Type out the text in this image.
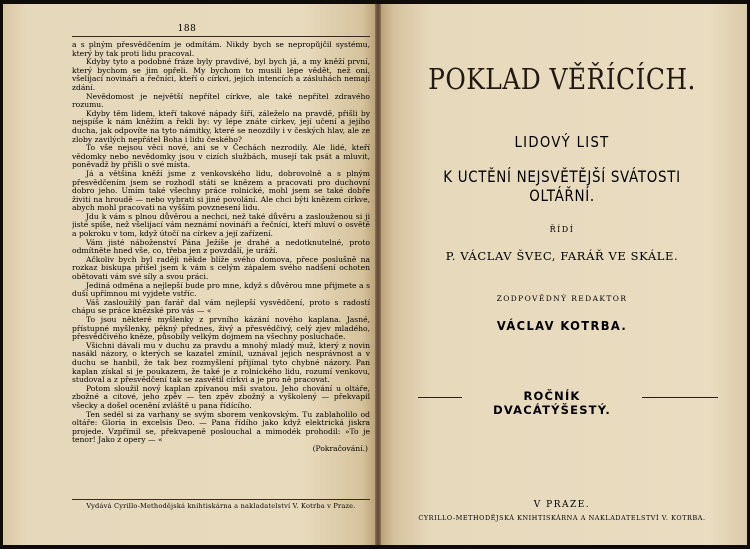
188

a s plným přesvědčením je odmítám. Nikdy bych se nepropůjčil systému, který by tak proti lidu pracoval.

Kdyby tyto a podobné fráze byly pravdivé, byl bych já, a my kněží první, který bychom se jim opřeli. My bychom to musili lépe vědět, než oni, všelijací novináři a řečníci, kteří o církvi, jejich intencích a zásluhách nemají zdání.

Nevědomost je největší nepřítel církve, ale také nepřítel zdravého rozumu.

Kdyby těm lidem, kteří takové nápady šíří, záleželo na pravdě, přišli by nejspíše k nám kněžím a řekli by: vy lépe znáte církev, její učení a jejího ducha, jak odpovíte na tyto námitky, které se neozdily i v českých hlav, ale ze zloby zavilých nepřátel Boha i lidu českého?

To vše nejsou věci nové, ani se v Čechách nezrodily. Ale lidé, kteří vědomky nebo nevědomky jsou v cizích službách, musejí tak psát a mluvit, poněvadž by přišli o své místa.

Já a většina kněží jsme z venkovského lidu, dobrovolně a s plným přesvědčením jsem se rozhodl státi se knězem a pracovati pro duchovní dobro jeho. Umím také všechny práce rolnické, mohl jsem se také dobře živiti na hroudě — nebo vybrati si jiné povolání. Ale chci býti knězem církve, abych mohl pracovati na vyšším povznesení lidu.

Jdu k vám s plnou důvěrou a nechci, než také důvěru a zaslouženou si ji jisté spíše, než všelijací vám neznámí novináři a řečníci, kteří mluví o osvětě a pokroku v tom, když útočí na církev a její zařízení.

Vám jisté náboženství Pána Ježíše je drahé a nedotknutelné, proto odmítněte hned vše, co, třeba jen z povzdálí, je uráží.

Ačkoliv bych byl raději někde blíže svého domova, přece poslušně na rozkaz biskupa přišel jsem k vám s celým zápalem svého nadšení ochoten obětovati vám své síly a svou práci.

Jediná odměna a nejlepší bude pro mne, když s důvěrou mne přijmete a s duší upřímnou mi vyjdete vstříc.

Váš zasloužilý pan farář dal vám nejlepší vysvědčení, proto s radostí chápu se práce knězské pro vás — «

To jsou některé myšlenky z prvního kázání nového kaplana. Jasné, přístupné myšlenky, pěkný přednes, živý a přesvědčivý, celý zjev mladého, přesvědčivého kněze, působily velkým dojmem na všechny posluchače.

Všichni dávali mu v duchu za pravdu a mnohý mladý muž, který z novin nasákl názory, o kterých se kazatel zmínil, uznával jejich nesprávnost a v duchu se hanbil, že tak bez rozmyšlení přijímal tyto chybné názory. Pan kaplan získal si je poukazem, že také je z rolnického lidu, rozumí venkovu, studoval a z přesvědčení tak se zasvětil církvi a je pro ně pracovat.

Potom sloužil nový kaplan zpívanou mši svatou. Jeho chování u oltáře, zbožné a citové, jeho zpěv — ten zpěv zbožný a vyškolený — překvapil všecky a došel ocenění zvláště u pana řídícího.

Ten sedél si za varhany se svým sborem venkovským. Tu zablaholilo od oltáře: Gloria in excelsis Deo. — Pana řídího jako když elektrická jiskra projede. Vzpřímil se, překvapeně poslouchal a mimodék prohodil: »To je tenor! Jako z opery — «

(Pokračování.)

Vydává Cyrillo-Methodějská knihtiskárna a nakladatelství V. Kotrba v Praze.
POKLAD VĚŘÍCÍCH.
LIDOVÝ LIST
K UCTĚNÍ NEJSVĚTĚJŠÍ SVÁTOSTI OLTÁŘNÍ.
ŘÍDÍ
P. VÁCLAV ŠVEC, FARÁŘ VE SKÁLE.
ZODPOVĚDNÝ REDAKTOR
VÁCLAV KOTRBA.
ROČNÍK DVACÁTÝŠESTÝ.
V PRAZE.
CYRILLO-METHODĚJSKÁ KNIHTISKÁRNA A NAKLADATELSTVÍ V. KOTRBA.
